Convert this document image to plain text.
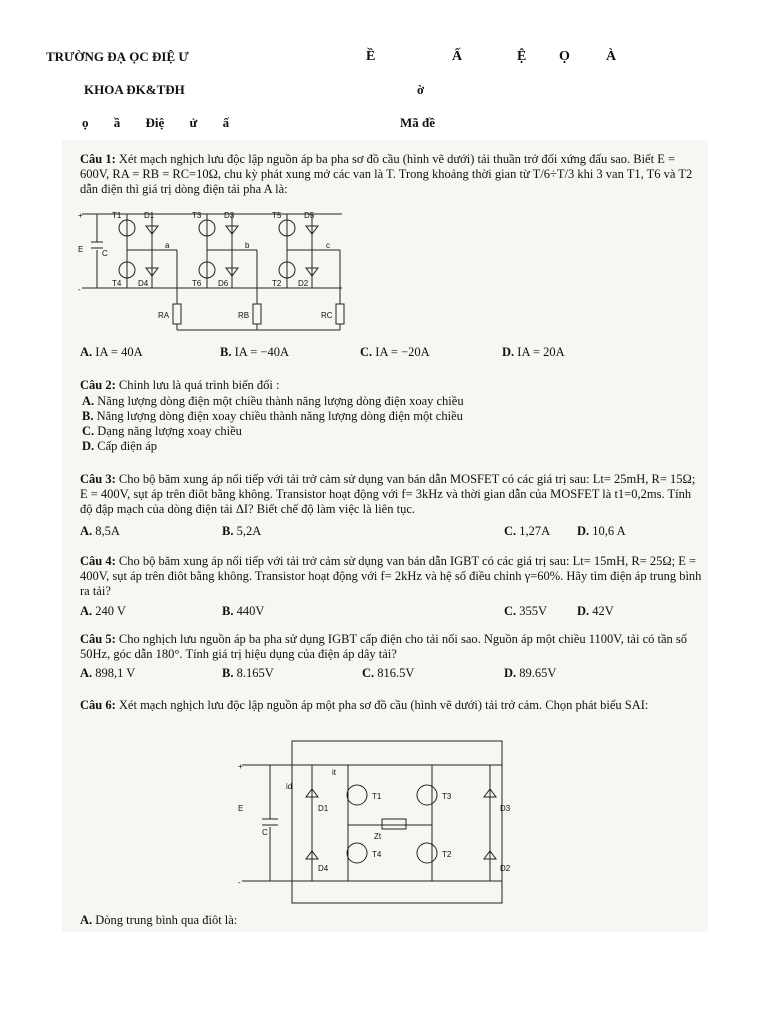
TRƯỜNG ĐẠ ỌC ĐIỆ Ư	Ề	Ấ	Ệ Ọ	À
KHOA ĐK&TĐH	ờ
ọ ầ Điệ ử ấ	Mã đề
Câu 1: Xét mạch nghịch lưu độc lập nguồn áp ba pha sơ đồ cầu (hình vẽ dưới) tải thuần trở đối xứng đấu sao. Biết E = 600V, RA = RB = RC=10Ω, chu kỳ phát xung mở các van là T. Trong khoảng thời gian từ T/6÷T/3 khi 3 van T1, T6 và T2 dẫn điện thì giá trị dòng điện tải pha A là:
+
-
E C
a	b	c
RA	RB	RC
T1	D1	T3	D3	T5	D5
T4 D4	T6 D6	T2 D2
A. IA = 40A	B. IA = −40A	C. IA = −20A	D. IA = 20A
Câu 2: Chỉnh lưu là quá trình biến đổi :
A. Năng lượng dòng điện một chiều thành năng lượng dòng điện xoay chiều
B. Năng lượng dòng điện xoay chiều thành năng lượng dòng điện một chiều
C. Dạng năng lượng xoay chiều
D. Cấp điện áp
Câu 3: Cho bộ băm xung áp nối tiếp với tải trở cảm sử dụng van bán dẫn MOSFET có các giá trị sau: Lt= 25mH, R= 15Ω; E = 400V, sụt áp trên điôt bằng không. Transistor hoạt động với f= 3kHz và thời gian dẫn của MOSFET là t1=0,2ms. Tính độ đập mạch của dòng điện tải ΔI? Biết chế độ làm việc là liên tục.
A. 8,5A	B. 5,2A	C. 1,27A D. 10,6 A
Câu 4: Cho bộ băm xung áp nối tiếp với tải trở cảm sử dụng van bán dẫn IGBT có các giá trị sau: Lt= 15mH, R= 25Ω; E = 400V, sụt áp trên điôt bằng không. Transistor hoạt động với f= 2kHz và hệ số điều chỉnh γ=60%. Hãy tìm điện áp trung bình ra tải?
A. 240 V	B. 440V	C. 355V D. 42V
Câu 5: Cho nghịch lưu nguồn áp ba pha sử dụng IGBT cấp điện cho tải nối sao. Nguồn áp một chiều 1100V, tải có tần số 50Hz, góc dẫn 180°. Tính giá trị hiệu dụng của điện áp dây tải?
A. 898,1 V	B. 8.165V	C. 816.5V	D. 89.65V
Câu 6: Xét mạch nghịch lưu độc lập nguồn áp một pha sơ đồ cầu (hình vẽ dưới) tải trở cảm. Chọn phát biểu SAI:
+
-
E
C
id
it
Zt
T1	T3
T4	T2
D1	D3
D4	D2
A. Dòng trung bình qua điôt là:
